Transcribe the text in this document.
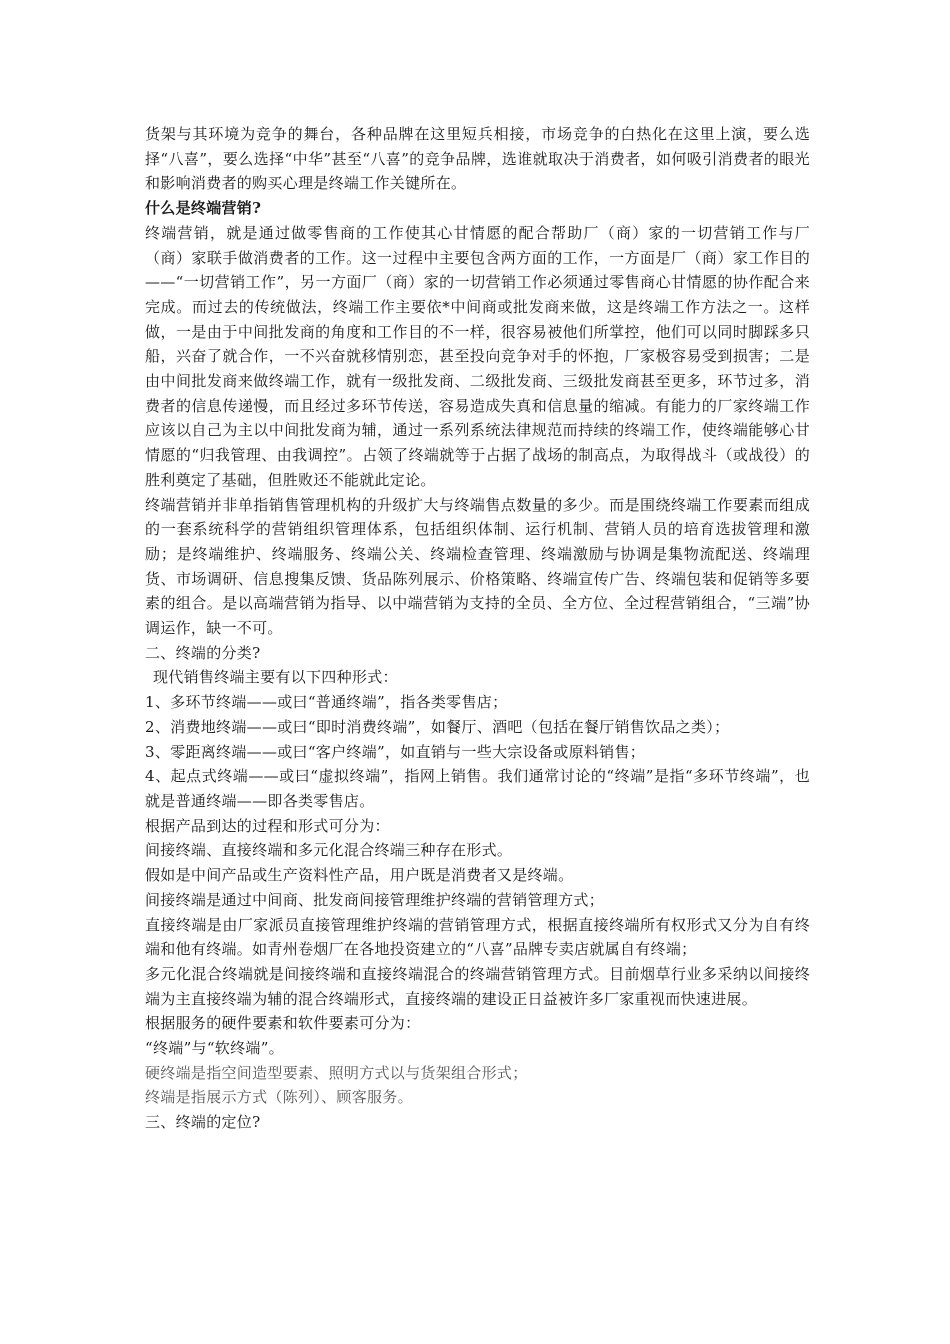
货架与其环境为竞争的舞台，各种品牌在这里短兵相接，市场竞争的白热化在这里上演，要么选择“八喜”，要么选择“中华”甚至“八喜”的竞争品牌，选谁就取决于消费者，如何吸引消费者的眼光和影响消费者的购买心理是终端工作关键所在。

什么是终端营销?

终端营销，就是通过做零售商的工作使其心甘情愿的配合帮助厂（商）家的一切营销工作与厂（商）家联手做消费者的工作。这一过程中主要包含两方面的工作，一方面是厂（商）家工作目的——“一切营销工作”，另一方面厂（商）家的一切营销工作必须通过零售商心甘情愿的协作配合来完成。而过去的传统做法，终端工作主要依*中间商或批发商来做，这是终端工作方法之一。这样做，一是由于中间批发商的角度和工作目的不一样，很容易被他们所掌控，他们可以同时脚踩多只船，兴奋了就合作，一不兴奋就移情别恋，甚至投向竞争对手的怀抱，厂家极容易受到损害；二是由中间批发商来做终端工作，就有一级批发商、二级批发商、三级批发商甚至更多，环节过多，消费者的信息传递慢，而且经过多环节传送，容易造成失真和信息量的缩减。有能力的厂家终端工作应该以自己为主以中间批发商为辅，通过一系列系统法律规范而持续的终端工作，使终端能够心甘情愿的“归我管理、由我调控”。占领了终端就等于占据了战场的制高点，为取得战斗（或战役）的胜利奠定了基础，但胜败还不能就此定论。

终端营销并非单指销售管理机构的升级扩大与终端售点数量的多少。而是围绕终端工作要素而组成的一套系统科学的营销组织管理体系，包括组织体制、运行机制、营销人员的培育选拔管理和激励；是终端维护、终端服务、终端公关、终端检查管理、终端激励与协调是集物流配送、终端理货、市场调研、信息搜集反馈、货品陈列展示、价格策略、终端宣传广告、终端包装和促销等多要素的组合。是以高端营销为指导、以中端营销为支持的全员、全方位、全过程营销组合，“三端”协调运作，缺一不可。

二、终端的分类?

现代销售终端主要有以下四种形式：

1、多环节终端——或曰“普通终端”，指各类零售店；

2、消费地终端——或曰“即时消费终端”，如餐厅、酒吧（包括在餐厅销售饮品之类）；

3、零距离终端——或曰“客户终端”，如直销与一些大宗设备或原料销售；

4、起点式终端——或曰“虚拟终端”，指网上销售。我们通常讨论的“终端”是指“多环节终端”，也就是普通终端——即各类零售店。

根据产品到达的过程和形式可分为：

间接终端、直接终端和多元化混合终端三种存在形式。

假如是中间产品或生产资料性产品，用户既是消费者又是终端。

间接终端是通过中间商、批发商间接管理维护终端的营销管理方式；

直接终端是由厂家派员直接管理维护终端的营销管理方式，根据直接终端所有权形式又分为自有终端和他有终端。如青州卷烟厂在各地投资建立的“八喜”品牌专卖店就属自有终端；

多元化混合终端就是间接终端和直接终端混合的终端营销管理方式。目前烟草行业多采纳以间接终端为主直接终端为辅的混合终端形式，直接终端的建设正日益被许多厂家重视而快速进展。

根据服务的硬件要素和软件要素可分为：

“终端”与“软终端”。

硬终端是指空间造型要素、照明方式以与货架组合形式；

终端是指展示方式（陈列）、顾客服务。

三、终端的定位?
